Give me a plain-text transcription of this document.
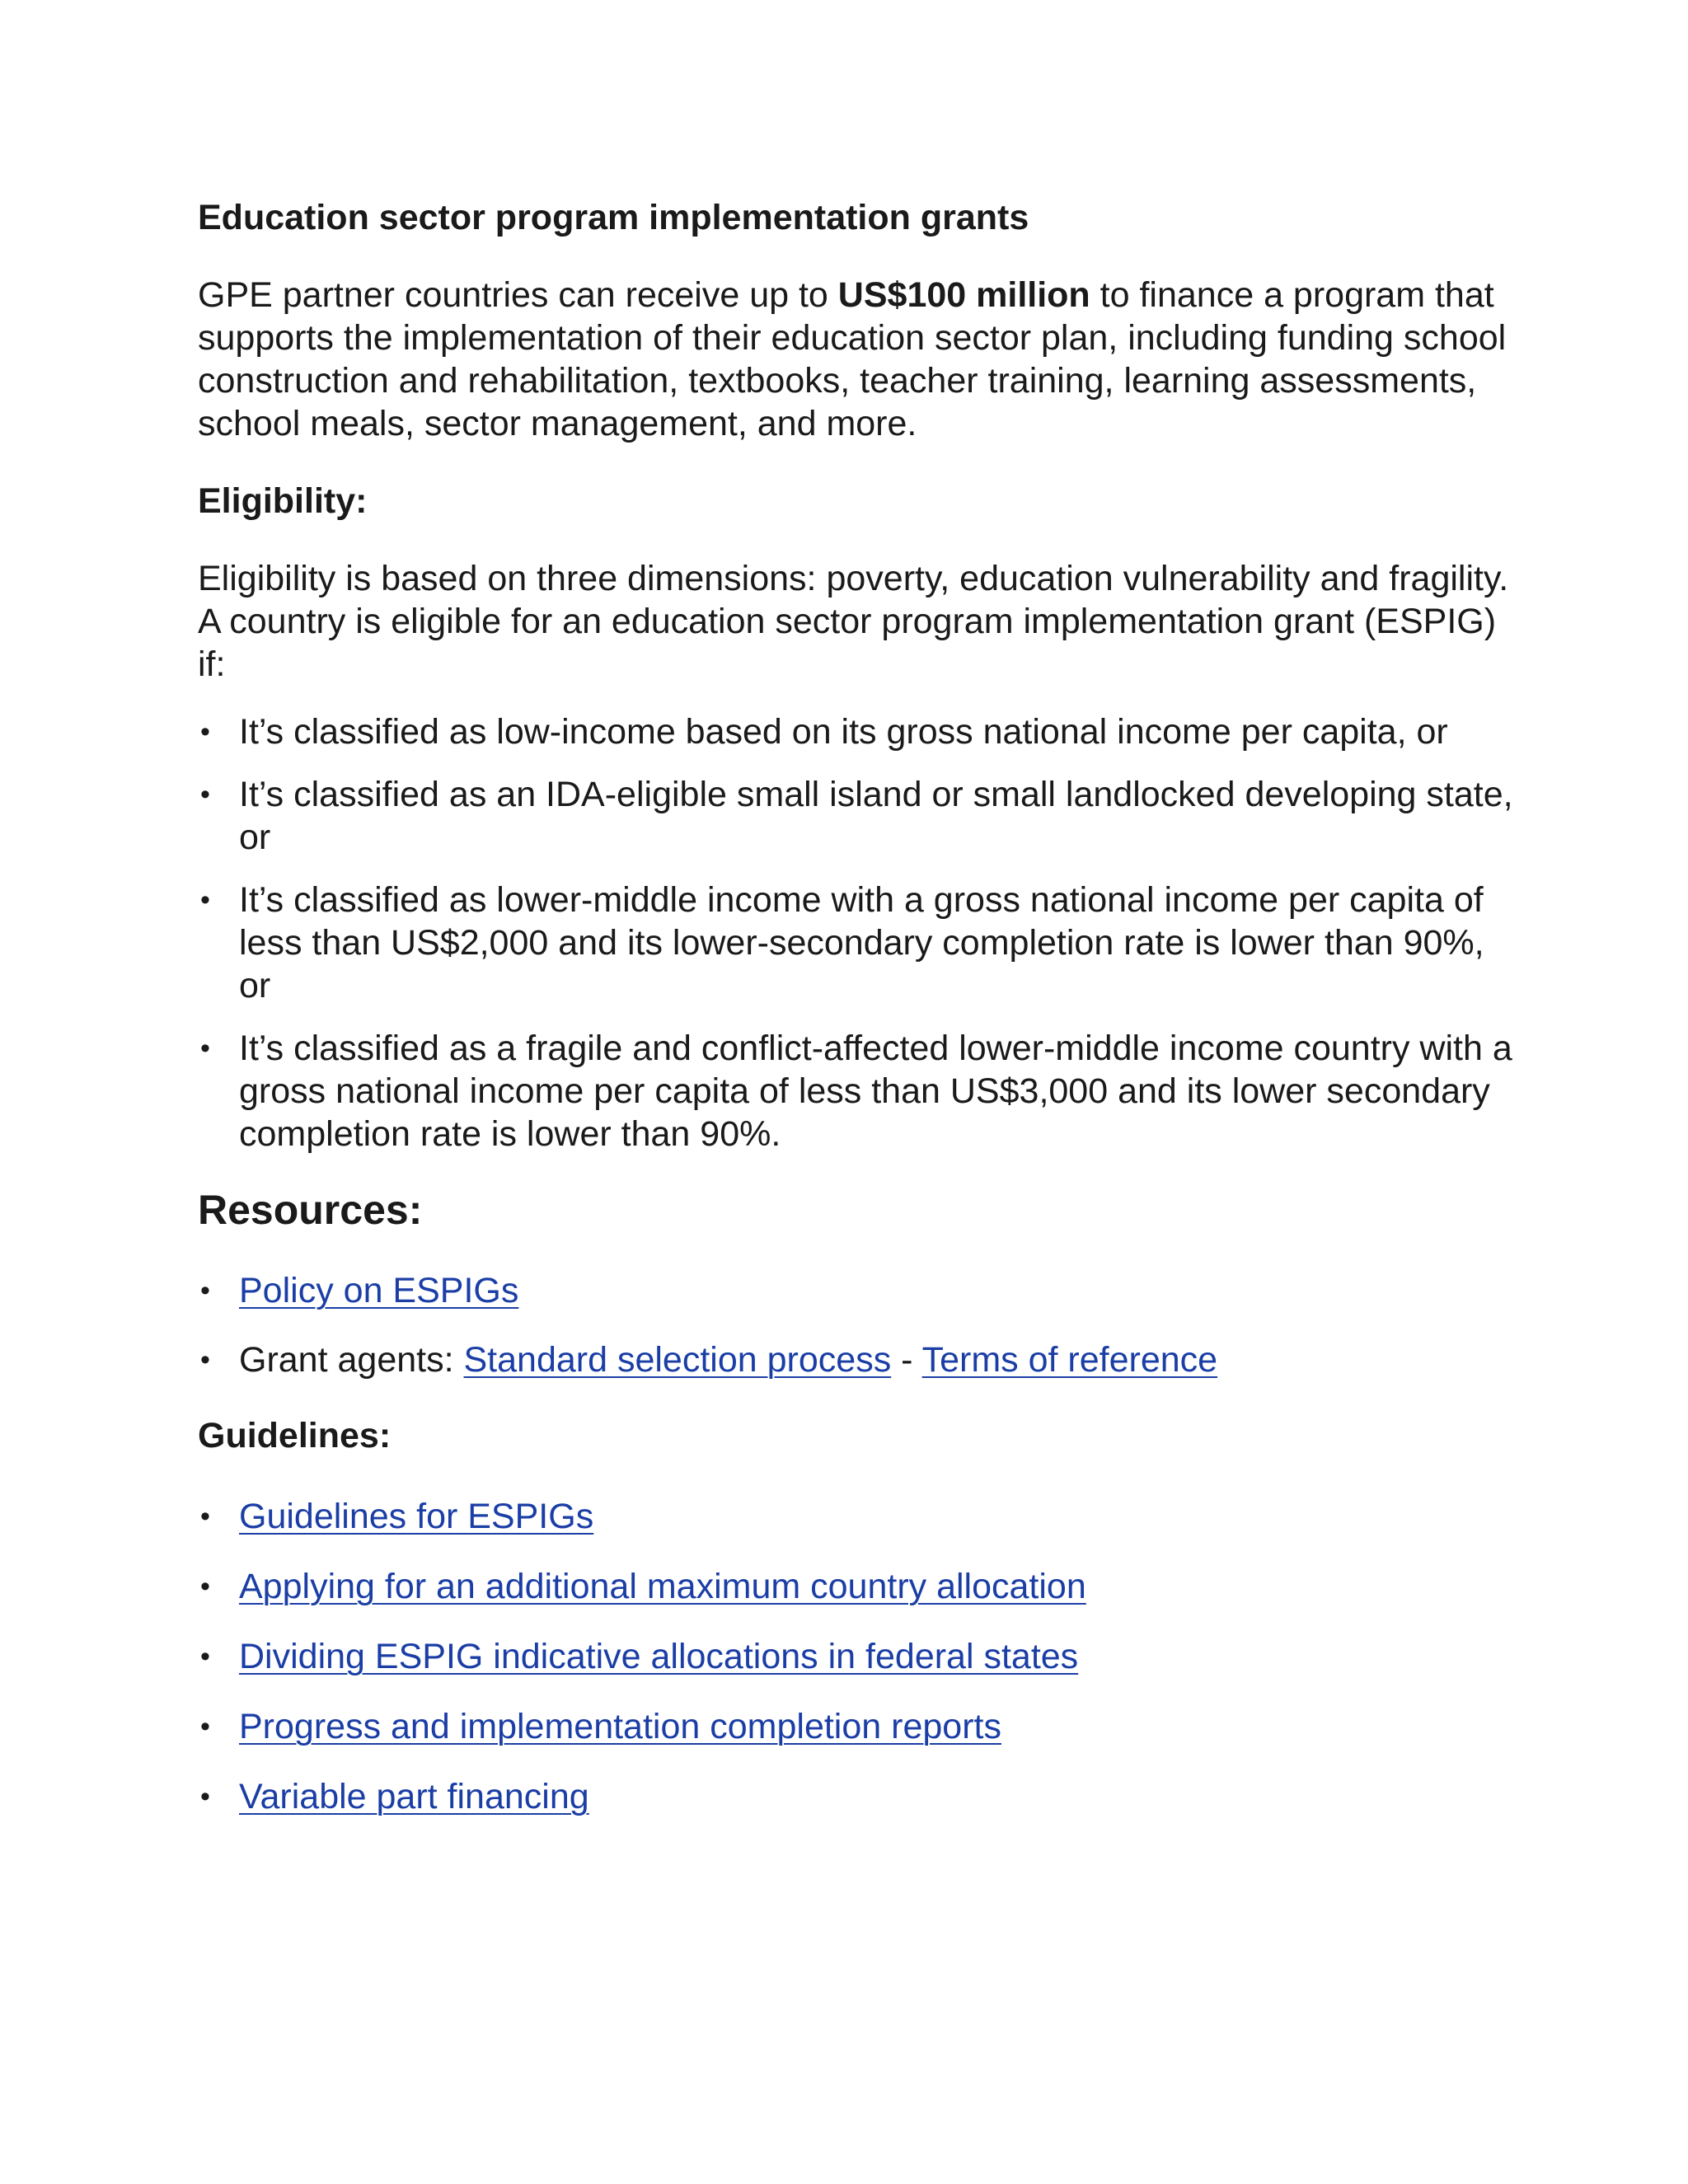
Education sector program implementation grants

GPE partner countries can receive up to US$100 million to finance a program that supports the implementation of their education sector plan, including funding school construction and rehabilitation, textbooks, teacher training, learning assessments, school meals, sector management, and more.

Eligibility:

Eligibility is based on three dimensions: poverty, education vulnerability and fragility. A country is eligible for an education sector program implementation grant (ESPIG) if:

• It’s classified as low-income based on its gross national income per capita, or
• It’s classified as an IDA-eligible small island or small landlocked developing state, or
• It’s classified as lower-middle income with a gross national income per capita of less than US$2,000 and its lower-secondary completion rate is lower than 90%, or
• It’s classified as a fragile and conflict-affected lower-middle income country with a gross national income per capita of less than US$3,000 and its lower secondary completion rate is lower than 90%.
Resources:
• Policy on ESPIGs
• Grant agents: Standard selection process - Terms of reference
Guidelines:
• Guidelines for ESPIGs
• Applying for an additional maximum country allocation
• Dividing ESPIG indicative allocations in federal states
• Progress and implementation completion reports
• Variable part financing
